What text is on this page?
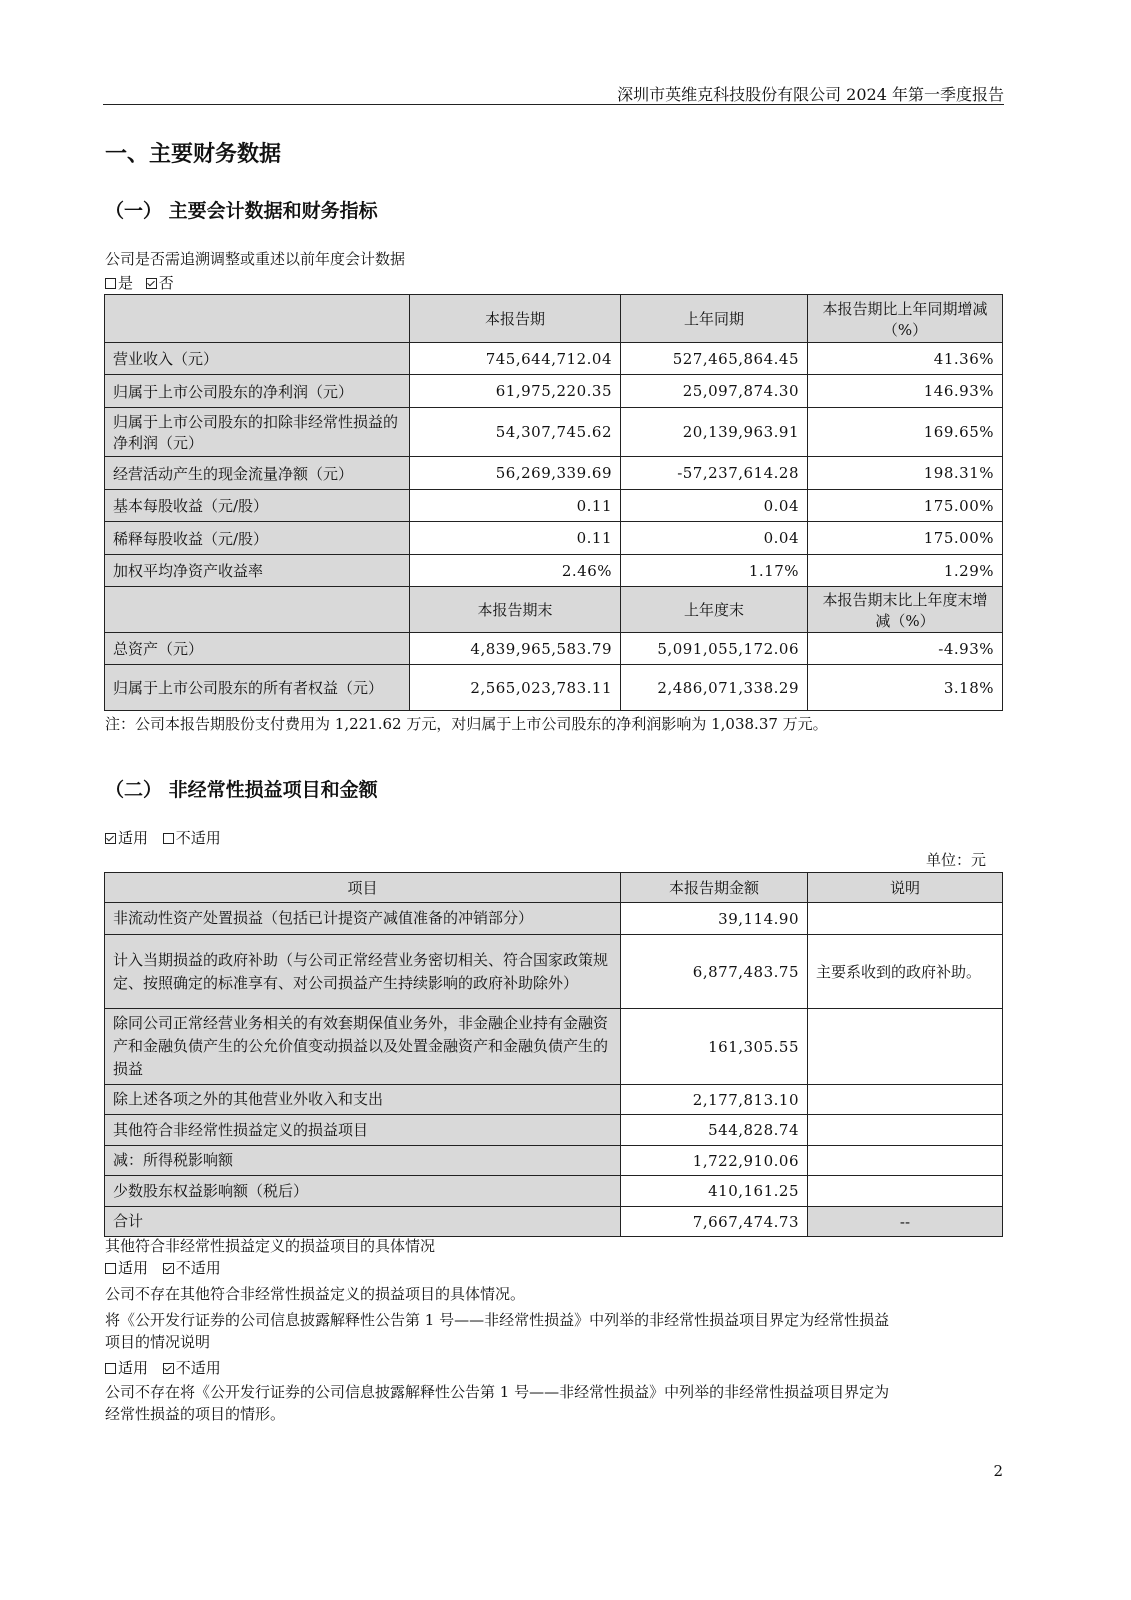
深圳市英维克科技股份有限公司 2024 年第一季度报告
一、主要财务数据
（一） 主要会计数据和财务指标
公司是否需追溯调整或重述以前年度会计数据
是 否
	本报告期	上年同期	本报告期比上年同期增减（%）
营业收入（元）	745,644,712.04	527,465,864.45	41.36%
归属于上市公司股东的净利润（元）	61,975,220.35	25,097,874.30	146.93%
归属于上市公司股东的扣除非经常性损益的净利润（元）	54,307,745.62	20,139,963.91	169.65%
经营活动产生的现金流量净额（元）	56,269,339.69	-57,237,614.28	198.31%
基本每股收益（元/股）	0.11	0.04	175.00%
稀释每股收益（元/股）	0.11	0.04	175.00%
加权平均净资产收益率	2.46%	1.17%	1.29%
	本报告期末	上年度末	本报告期末比上年度末增减（%）
总资产（元）	4,839,965,583.79	5,091,055,172.06	-4.93%
归属于上市公司股东的所有者权益（元）	2,565,023,783.11	2,486,071,338.29	3.18%
注：公司本报告期股份支付费用为 1,221.62 万元，对归属于上市公司股东的净利润影响为 1,038.37 万元。
（二） 非经常性损益项目和金额
适用 不适用
单位：元
项目	本报告期金额	说明
非流动性资产处置损益（包括已计提资产减值准备的冲销部分）	39,114.90	
计入当期损益的政府补助（与公司正常经营业务密切相关、符合国家政策规定、按照确定的标准享有、对公司损益产生持续影响的政府补助除外）	6,877,483.75	主要系收到的政府补助。
除同公司正常经营业务相关的有效套期保值业务外，非金融企业持有金融资产和金融负债产生的公允价值变动损益以及处置金融资产和金融负债产生的损益	161,305.55	
除上述各项之外的其他营业外收入和支出	2,177,813.10	
其他符合非经常性损益定义的损益项目	544,828.74	
减：所得税影响额	1,722,910.06	
少数股东权益影响额（税后）	410,161.25	
合计	7,667,474.73	--
其他符合非经常性损益定义的损益项目的具体情况
适用 不适用
公司不存在其他符合非经常性损益定义的损益项目的具体情况。
将《公开发行证券的公司信息披露解释性公告第 1 号——非经常性损益》中列举的非经常性损益项目界定为经常性损益
项目的情况说明
适用 不适用
公司不存在将《公开发行证券的公司信息披露解释性公告第 1 号——非经常性损益》中列举的非经常性损益项目界定为
经常性损益的项目的情形。
2
